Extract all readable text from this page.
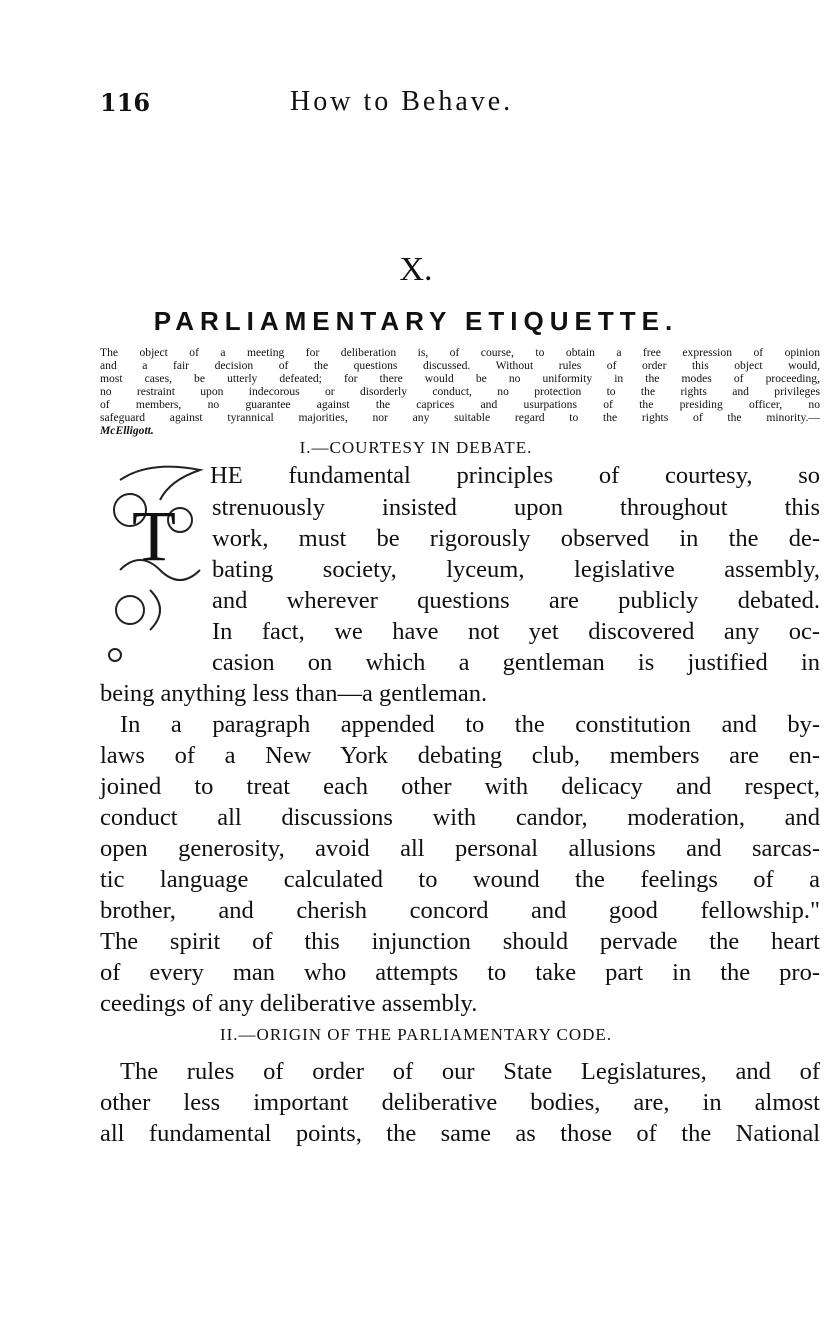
116	How to Behave.
X.
PARLIAMENTARY ETIQUETTE.
The object of a meeting for deliberation is, of course, to obtain a free expression of opinion
and a fair decision of the questions discussed. Without rules of order this object would,
most cases, be utterly defeated; for there would be no uniformity in the modes of proceeding,
no restraint upon indecorous or disorderly conduct, no protection to the rights and privileges
of members, no guarantee against the caprices and usurpations of the presiding officer, no
safeguard against tyrannical majorities, nor any suitable regard to the rights of the minority.—
McElligott.
I.—COURTESY IN DEBATE.
T
HE fundamental principles of courtesy, so
strenuously insisted upon throughout this
work, must be rigorously observed in the de-
bating society, lyceum, legislative assembly,
and wherever questions are publicly debated.
In fact, we have not yet discovered any oc-
casion on which a gentleman is justified in
being anything less than—a gentleman.
In a paragraph appended to the constitution and by-
laws of a New York debating club, members are en-
joined to treat each other with delicacy and respect,
conduct all discussions with candor, moderation, and
open generosity, avoid all personal allusions and sarcas-
tic language calculated to wound the feelings of a
brother, and cherish concord and good fellowship."
The spirit of this injunction should pervade the heart
of every man who attempts to take part in the pro-
ceedings of any deliberative assembly.
II.—ORIGIN OF THE PARLIAMENTARY CODE.
The rules of order of our State Legislatures, and of
other less important deliberative bodies, are, in almost
all fundamental points, the same as those of the National
